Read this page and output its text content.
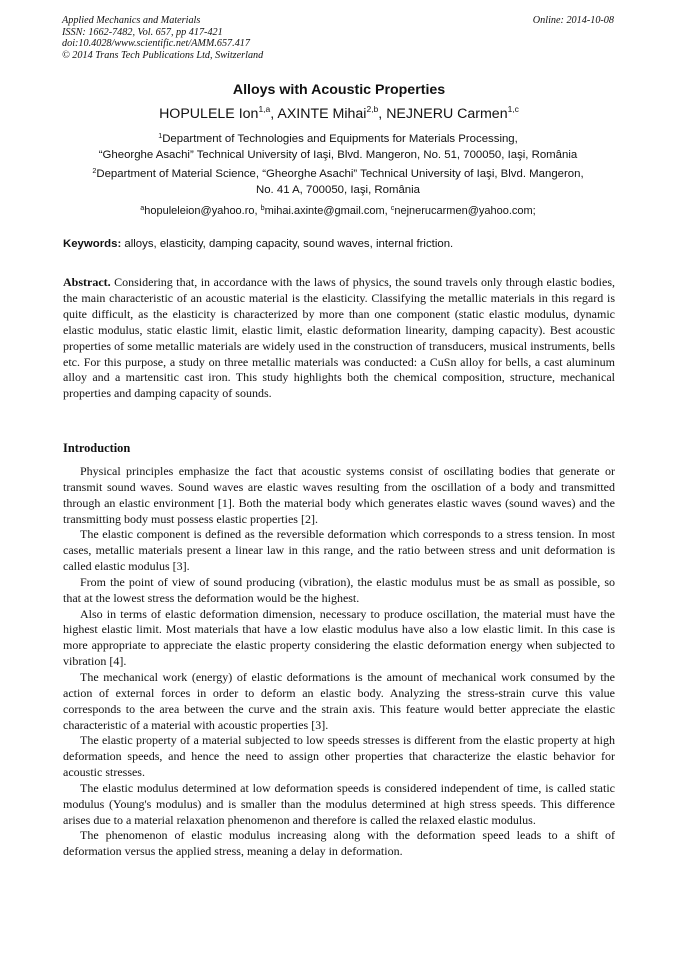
Applied Mechanics and Materials
ISSN: 1662-7482, Vol. 657, pp 417-421
doi:10.4028/www.scientific.net/AMM.657.417
© 2014 Trans Tech Publications Ltd, Switzerland
Online: 2014-10-08
Alloys with Acoustic Properties
HOPULELE Ion$^{1,a}$, AXINTE Mihai$^{2,b}$, NEJNERU Carmen$^{1,c}$
$^1$Department of Technologies and Equipments for Materials Processing,
“Gheorghe Asachi” Technical University of Iaşi, Blvd. Mangeron, No. 51, 700050, Iaşi, România
$^2$Department of Material Science, “Gheorghe Asachi” Technical University of Iaşi, Blvd. Mangeron,
No. 41 A, 700050, Iaşi, România
$^a$hopuleleion@yahoo.ro, $^b$mihai.axinte@gmail.com, $^c$nejnerucarmen@yahoo.com;
Keywords: alloys, elasticity, damping capacity, sound waves, internal friction.

Abstract. Considering that, in accordance with the laws of physics, the sound travels only through elastic bodies, the main characteristic of an acoustic material is the elasticity. Classifying the metallic materials in this regard is quite difficult, as the elasticity is characterized by more than one component (static elastic modulus, dynamic elastic modulus, static elastic limit, elastic limit, elastic deformation linearity, damping capacity). Best acoustic properties of some metallic materials are widely used in the construction of transducers, musical instruments, bells etc. For this purpose, a study on three metallic materials was conducted: a CuSn alloy for bells, a cast aluminum alloy and a martensitic cast iron. This study highlights both the chemical composition, structure, mechanical properties and damping capacity of sounds.

Introduction

Physical principles emphasize the fact that acoustic systems consist of oscillating bodies that generate or transmit sound waves. Sound waves are elastic waves resulting from the oscillation of a body and transmitted through an elastic environment [1]. Both the material body which generates elastic waves (sound waves) and the transmitting body must possess elastic properties [2].

The elastic component is defined as the reversible deformation which corresponds to a stress tension. In most cases, metallic materials present a linear law in this range, and the ratio between stress and unit deformation is called elastic modulus [3].

From the point of view of sound producing (vibration), the elastic modulus must be as small as possible, so that at the lowest stress the deformation would be the highest.

Also in terms of elastic deformation dimension, necessary to produce oscillation, the material must have the highest elastic limit. Most materials that have a low elastic modulus have also a low elastic limit. In this case is more appropriate to appreciate the elastic property considering the elastic deformation energy when subjected to vibration [4].

The mechanical work (energy) of elastic deformations is the amount of mechanical work consumed by the action of external forces in order to deform an elastic body. Analyzing the stress-strain curve this value corresponds to the area between the curve and the strain axis. This feature would better appreciate the elastic characteristic of a material with acoustic properties [3].

The elastic property of a material subjected to low speeds stresses is different from the elastic property at high deformation speeds, and hence the need to assign other properties that characterize the elastic behavior for acoustic stresses.

The elastic modulus determined at low deformation speeds is considered independent of time, is called static modulus (Young's modulus) and is smaller than the modulus determined at high stress speeds. This difference arises due to a material relaxation phenomenon and therefore is called the relaxed elastic modulus.

The phenomenon of elastic modulus increasing along with the deformation speed leads to a shift of deformation versus the applied stress, meaning a delay in deformation.
